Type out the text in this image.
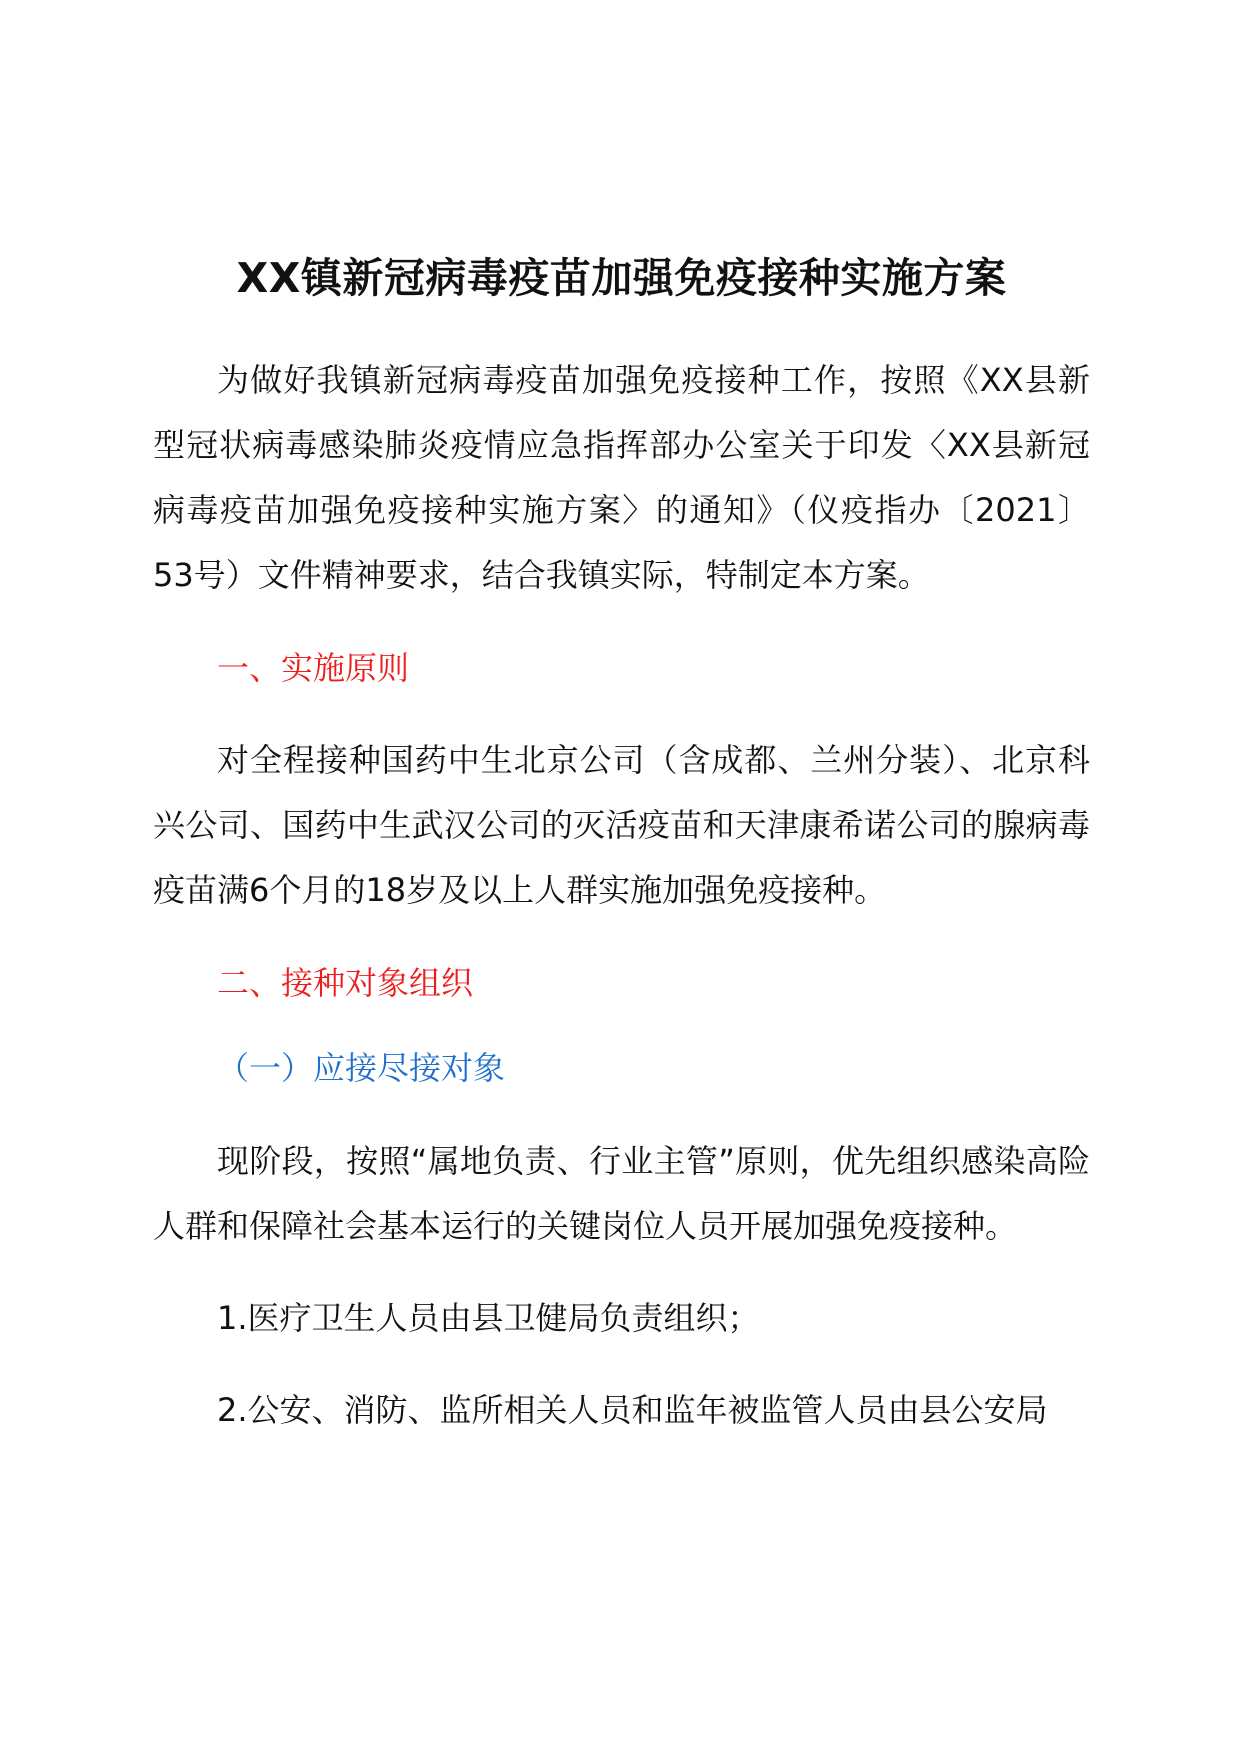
XX镇新冠病毒疫苗加强免疫接种实施方案

为做好我镇新冠病毒疫苗加强免疫接种工作，按照《XX县新型冠状病毒感染肺炎疫情应急指挥部办公室关于印发〈XX县新冠病毒疫苗加强免疫接种实施方案〉的通知》（仪疫指办〔2021〕53号）文件精神要求，结合我镇实际，特制定本方案。

一、实施原则

对全程接种国药中生北京公司（含成都、兰州分装）、北京科兴公司、国药中生武汉公司的灭活疫苗和天津康希诺公司的腺病毒疫苗满6个月的18岁及以上人群实施加强免疫接种。

二、接种对象组织

（一）应接尽接对象

现阶段，按照“属地负责、行业主管”原则，优先组织感染高险人群和保障社会基本运行的关键岗位人员开展加强免疫接种。

1.医疗卫生人员由县卫健局负责组织；

2.公安、消防、监所相关人员和监年被监管人员由县公安局
